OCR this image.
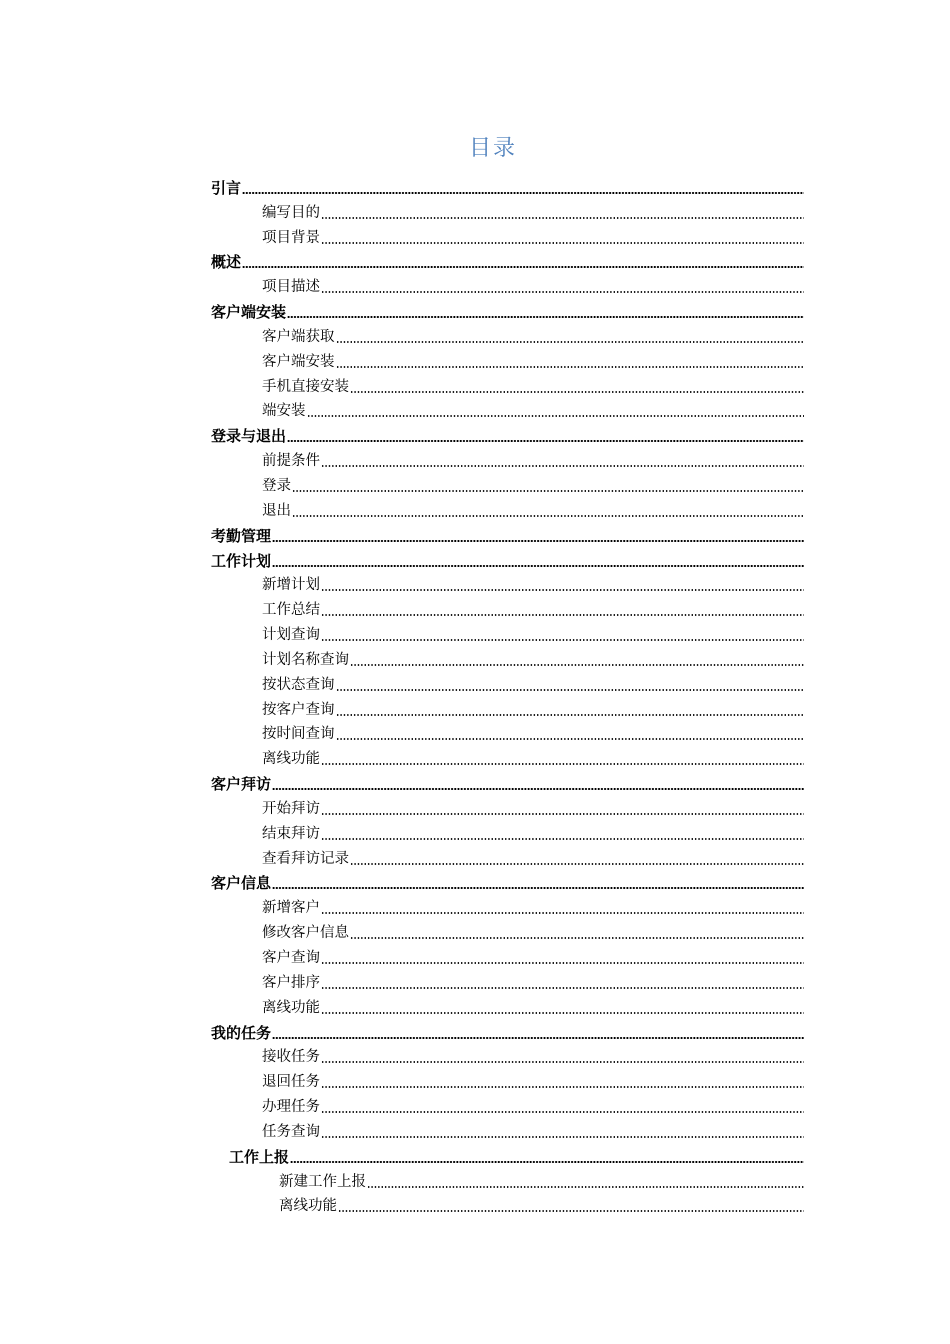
目录
引言
编写目的
项目背景
概述
项目描述
客户端安装
客户端获取
客户端安装
手机直接安装
端安装
登录与退出
前提条件
登录
退出
考勤管理
工作计划
新增计划
工作总结
计划查询
计划名称查询
按状态查询
按客户查询
按时间查询
离线功能
客户拜访
开始拜访
结束拜访
查看拜访记录
客户信息
新增客户
修改客户信息
客户查询
客户排序
离线功能
我的任务
接收任务
退回任务
办理任务
任务查询
工作上报
新建工作上报
离线功能
